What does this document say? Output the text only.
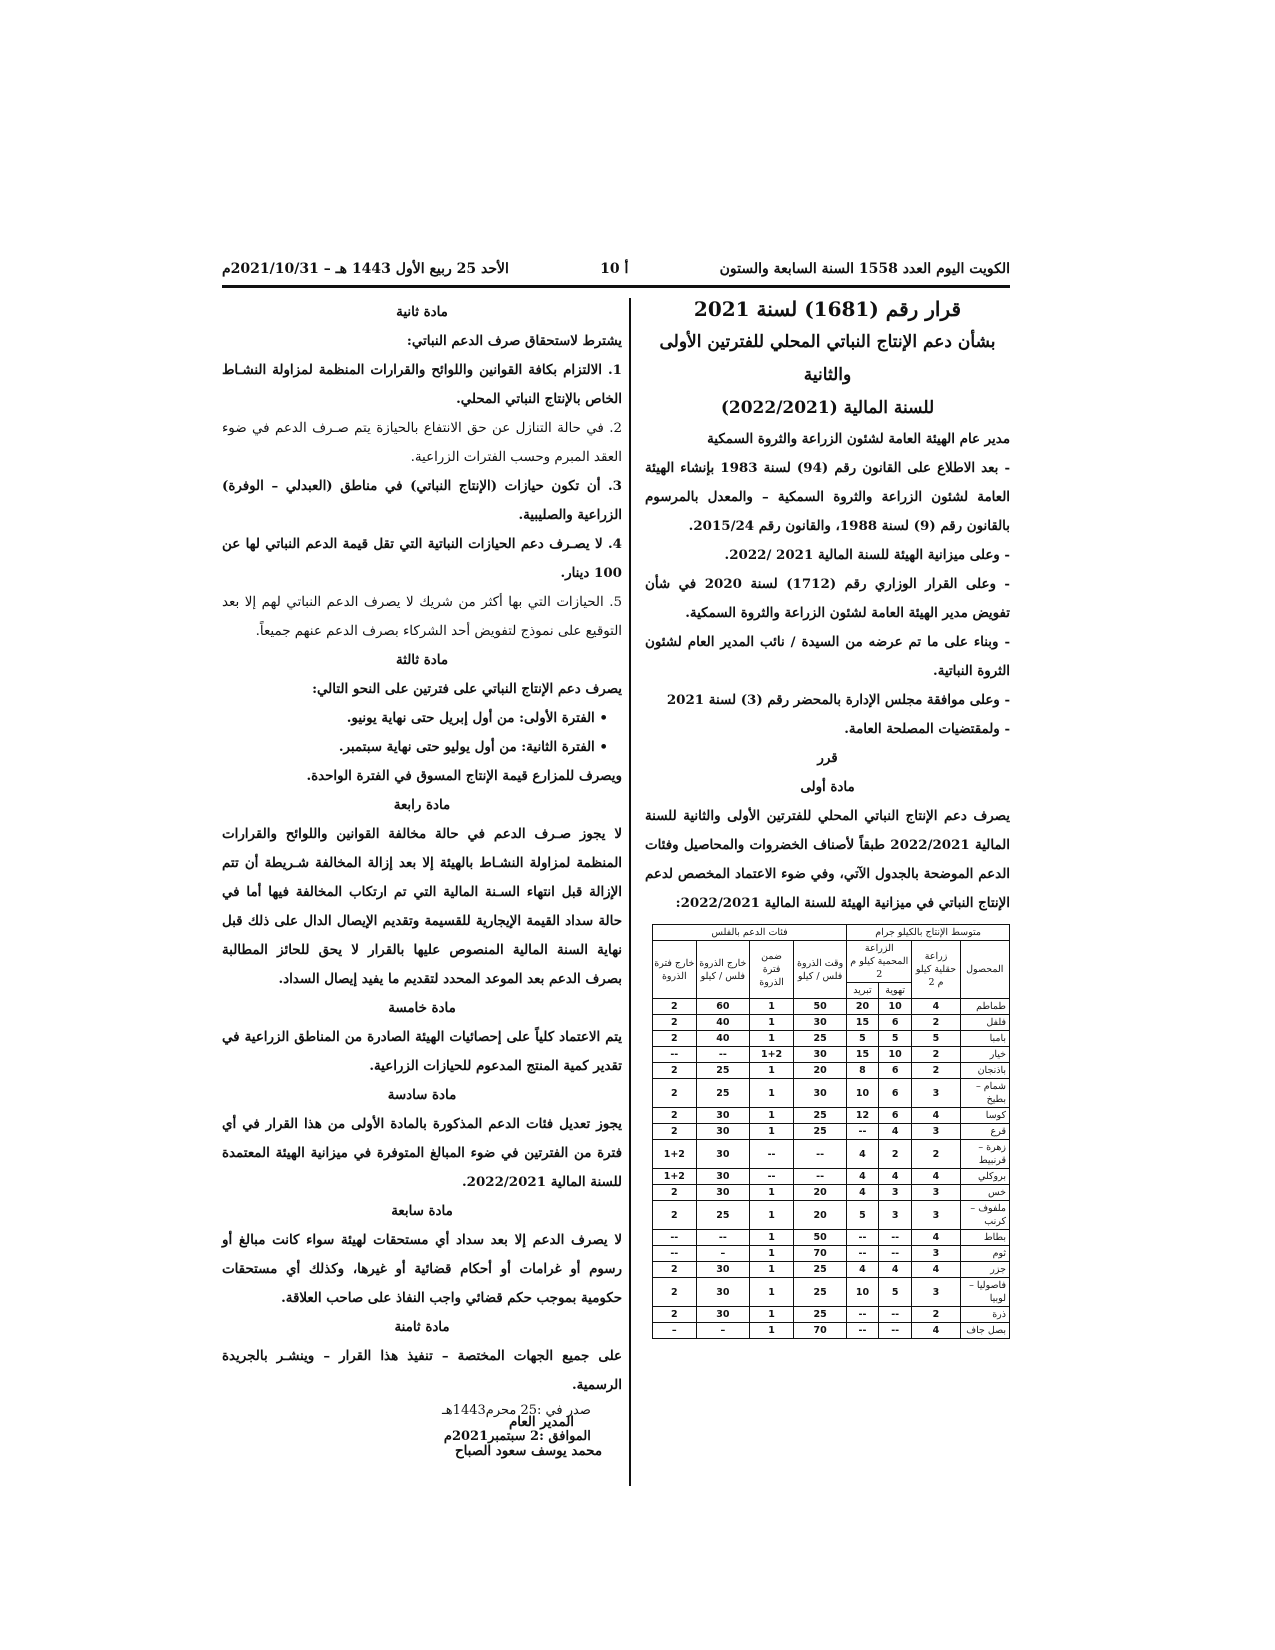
الكويت اليوم العدد 1558 السنة السابعة والستون
أ 10
الأحد 25 ربيع الأول 1443 هـ – 2021/10/31م

قرار رقم (1681) لسنة 2021

بشأن دعم الإنتاج النباتي المحلي للفترتين الأولى والثانية

للسنة المالية (2022/2021)

مدير عام الهيئة العامة لشئون الزراعة والثروة السمكية

- بعد الاطلاع على القانون رقم (94) لسنة 1983 بإنشاء الهيئة العامة لشئون الزراعة والثروة السمكية – والمعدل بالمرسوم بالقانون رقم (9) لسنة 1988، والقانون رقم 2015/24.

- وعلى ميزانية الهيئة للسنة المالية 2021 /2022.

- وعلى القرار الوزاري رقم (1712) لسنة 2020 في شأن تفويض مدير الهيئة العامة لشئون الزراعة والثروة السمكية.

- وبناء على ما تم عرضه من السيدة / نائب المدير العام لشئون الثروة النباتية.

- وعلى موافقة مجلس الإدارة بالمحضر رقم (3) لسنة 2021

- ولمقتضيات المصلحة العامة.

قرر

مادة أولى

يصرف دعم الإنتاج النباتي المحلي للفترتين الأولى والثانية للسنة المالية 2022/2021 طبقاً لأصناف الخضروات والمحاصيل وفئات الدعم الموضحة بالجدول الآتي، وفي ضوء الاعتماد المخصص لدعم الإنتاج النباتي في ميزانية الهيئة للسنة المالية 2022/2021:

متوسط الإنتاج بالكيلو جرام				فئات الدعم بالفلس			
المحصول	زراعة حقلية كيلو م 2	الزراعة المحمية كيلو م 2		وقت الذروة فلس / كيلو	ضمن فترة الذروة	خارج الذروة فلس / كيلو	خارج فترة الذروة
		تهوية	تبريد				
طماطم	4	10	20	50	1	60	2
فلفل	2	6	15	30	1	40	2
بامبا	5	5	5	25	1	40	2
خيار	2	10	15	30	1+2	--	--
باذنجان	2	6	8	20	1	25	2
شمام – بطيخ	3	6	10	30	1	25	2
كوسا	4	6	12	25	1	30	2
قرع	3	4	--	25	1	30	2
زهرة – قرنبيط	2	2	4	--	--	30	1+2
بروكلي	4	4	4	--	--	30	1+2
خس	3	3	4	20	1	30	2
ملفوف – كرنب	3	3	5	20	1	25	2
بطاط	4	--	--	50	1	--	--
ثوم	3	--	--	70	1	–	--
جزر	4	4	4	25	1	30	2
فاصوليا – لوبيا	3	5	10	25	1	30	2
ذرة	2	--	--	25	1	30	2
بصل جاف	4	--	--	70	1	–	–

مادة ثانية

يشترط لاستحقاق صرف الدعم النباتي:

1. الالتزام بكافة القوانين واللوائح والقرارات المنظمة لمزاولة النشـاط الخاص بالإنتاج النباتي المحلي.

2. في حالة التنازل عن حق الانتفاع بالحيازة يتم صـرف الدعم في ضوء العقد المبرم وحسب الفترات الزراعية.

3. أن تكون حيازات (الإنتاج النباتي) في مناطق (العبدلي – الوفرة) الزراعية والصليبية.

4. لا يصـرف دعم الحيازات النباتية التي تقل قيمة الدعم النباتي لها عن 100 دينار.

5. الحيازات التي بها أكثر من شريك لا يصرف الدعم النباتي لهم إلا بعد التوقيع على نموذج لتفويض أحد الشركاء بصرف الدعم عنهم جميعاً.

مادة ثالثة

يصرف دعم الإنتاج النباتي على فترتين على النحو التالي:

• الفترة الأولى: من أول إبريل حتى نهاية يونيو.

• الفترة الثانية: من أول يوليو حتى نهاية سبتمبر.

ويصرف للمزارع قيمة الإنتاج المسوق في الفترة الواحدة.

مادة رابعة

لا يجوز صـرف الدعم في حالة مخالفة القوانين واللوائح والقرارات المنظمة لمزاولة النشـاط بالهيئة إلا بعد إزالة المخالفة شـريطة أن تتم الإزالة قبل انتهاء السـنة المالية التي تم ارتكاب المخالفة فيها أما في حالة سداد القيمة الإيجارية للقسيمة وتقديم الإيصال الدال على ذلك قبل نهاية السنة المالية المنصوص عليها بالقرار لا يحق للحائز المطالبة بصرف الدعم بعد الموعد المحدد لتقديم ما يفيد إيصال السداد.

مادة خامسة

يتم الاعتماد كلياً على إحصائيات الهيئة الصادرة من المناطق الزراعية في تقدير كمية المنتج المدعوم للحيازات الزراعية.

مادة سادسة

يجوز تعديل فئات الدعم المذكورة بالمادة الأولى من هذا القرار في أي فترة من الفترتين في ضوء المبالغ المتوفرة في ميزانية الهيئة المعتمدة للسنة المالية 2022/2021.

مادة سابعة

لا يصرف الدعم إلا بعد سداد أي مستحقات لهيئة سواء كانت مبالغ أو رسوم أو غرامات أو أحكام قضائية أو غيرها، وكذلك أي مستحقات حكومية بموجب حكم قضائي واجب النفاذ على صاحب العلاقة.

مادة ثامنة

على جميع الجهات المختصة – تنفيذ هذا القرار – وينشـر بالجريدة الرسمية.

المدير العام

محمد يوسف سعود الصباح

صدر في :25 محرم1443هـ

الموافق :2 سبتمبر2021م
